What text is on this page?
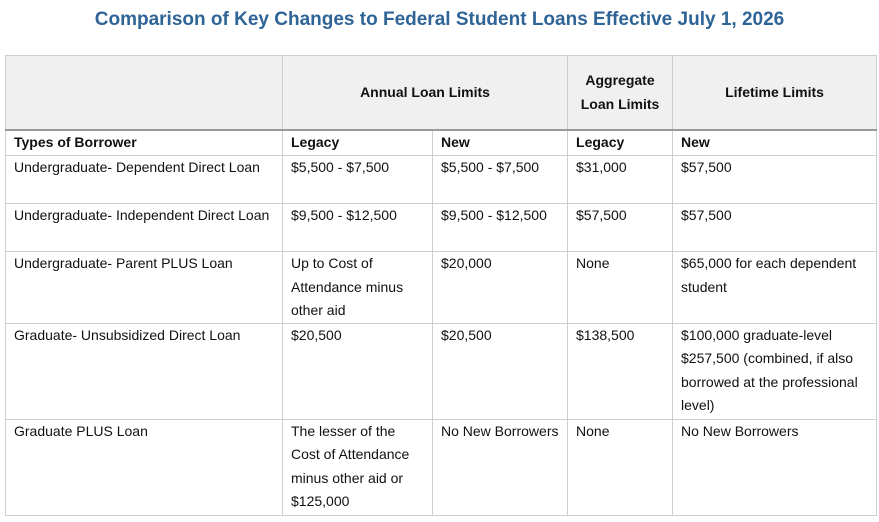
Comparison of Key Changes to Federal Student Loans Effective July 1, 2026
	Annual Loan Limits		Aggregate Loan Limits	Lifetime Limits
Types of Borrower	Legacy	New	Legacy	New
Undergraduate- Dependent Direct Loan	$5,500 - $7,500	$5,500 - $7,500	$31,000	$57,500
Undergraduate- Independent Direct Loan	$9,500 - $12,500	$9,500 - $12,500	$57,500	$57,500
Undergraduate- Parent PLUS Loan	Up to Cost of Attendance minus other aid	$20,000	None	$65,000 for each dependent student
Graduate- Unsubsidized Direct Loan	$20,500	$20,500	$138,500	$100,000 graduate-level $257,500 (combined, if also borrowed at the professional level)
Graduate PLUS Loan	The lesser of the Cost of Attendance minus other aid or $125,000	No New Borrowers	None	No New Borrowers
